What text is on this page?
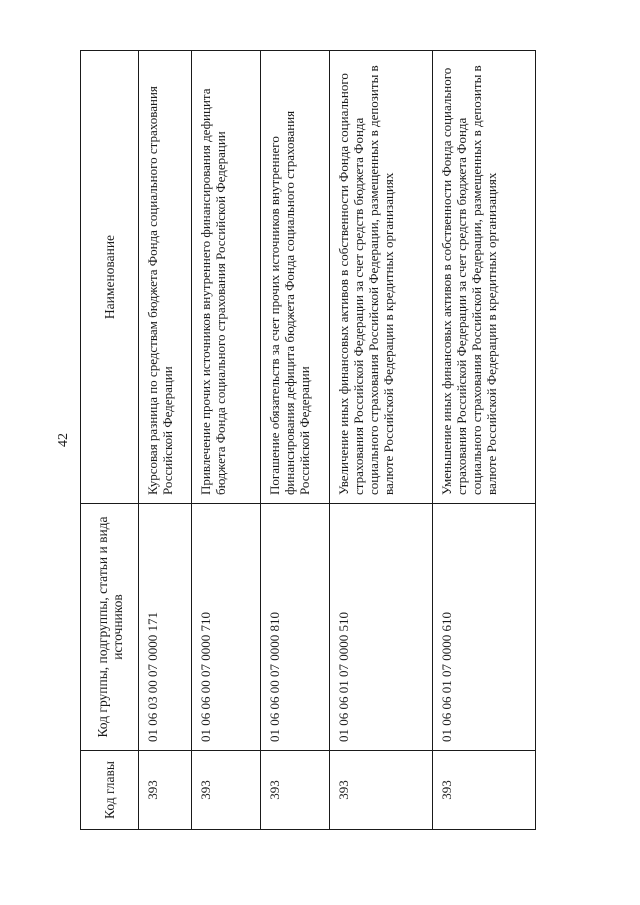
42
Код главы	Код группы, подгруппы, статьи и вида источников	Наименование
393	01 06 03 00 07 0000 171	Курсовая разница по средствам бюджета Фонда социального страхования Российской Федерации
393	01 06 06 00 07 0000 710	Привлечение прочих источников внутреннего финансирования дефицита бюджета Фонда социального страхования Российской Федерации
393	01 06 06 00 07 0000 810	Погашение обязательств за счет прочих источников внутреннего финансирования дефицита бюджета Фонда социального страхования Российской Федерации
393	01 06 06 01 07 0000 510	Увеличение иных финансовых активов в собственности Фонда социального страхования Российской Федерации за счет средств бюджета Фонда социального страхования Российской Федерации, размещенных в депозиты в валюте Российской Федерации в кредитных организациях
393	01 06 06 01 07 0000 610	Уменьшение иных финансовых активов в собственности Фонда социального страхования Российской Федерации за счет средств бюджета Фонда социального страхования Российской Федерации, размещенных в депозиты в валюте Российской Федерации в кредитных организациях
